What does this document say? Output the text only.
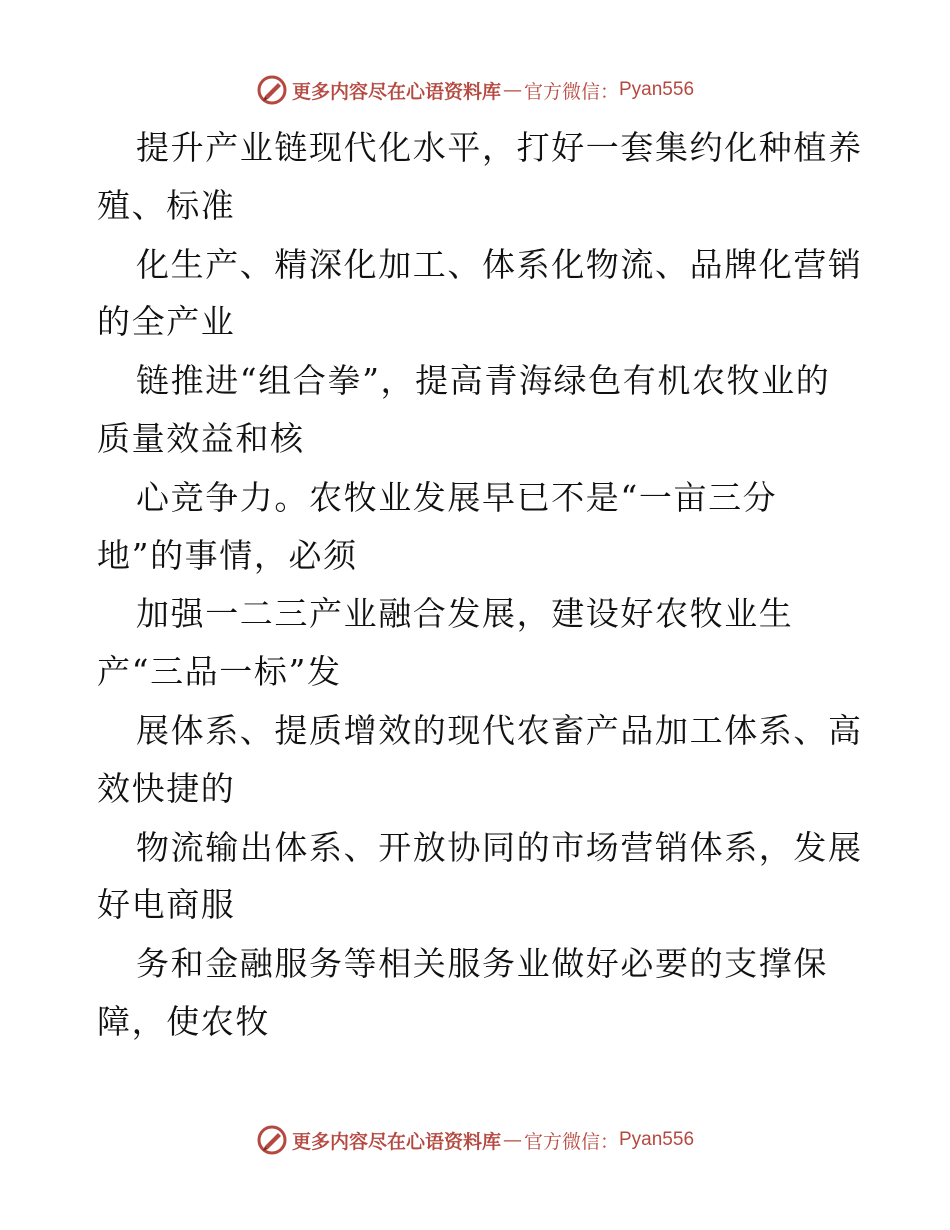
更多内容尽在心语资料库 — 官方微信： Pyan556
提升产业链现代化水平，打好一套集约化种植养
殖、标准
化生产、精深化加工、体系化物流、品牌化营销
的全产业
链推进“组合拳”，提高青海绿色有机农牧业的
质量效益和核
心竞争力。农牧业发展早已不是“一亩三分
地”的事情，必须
加强一二三产业融合发展，建设好农牧业生
产“三品一标”发
展体系、提质增效的现代农畜产品加工体系、高
效快捷的
物流输出体系、开放协同的市场营销体系，发展
好电商服
务和金融服务等相关服务业做好必要的支撑保
障，使农牧
更多内容尽在心语资料库 — 官方微信： Pyan556
